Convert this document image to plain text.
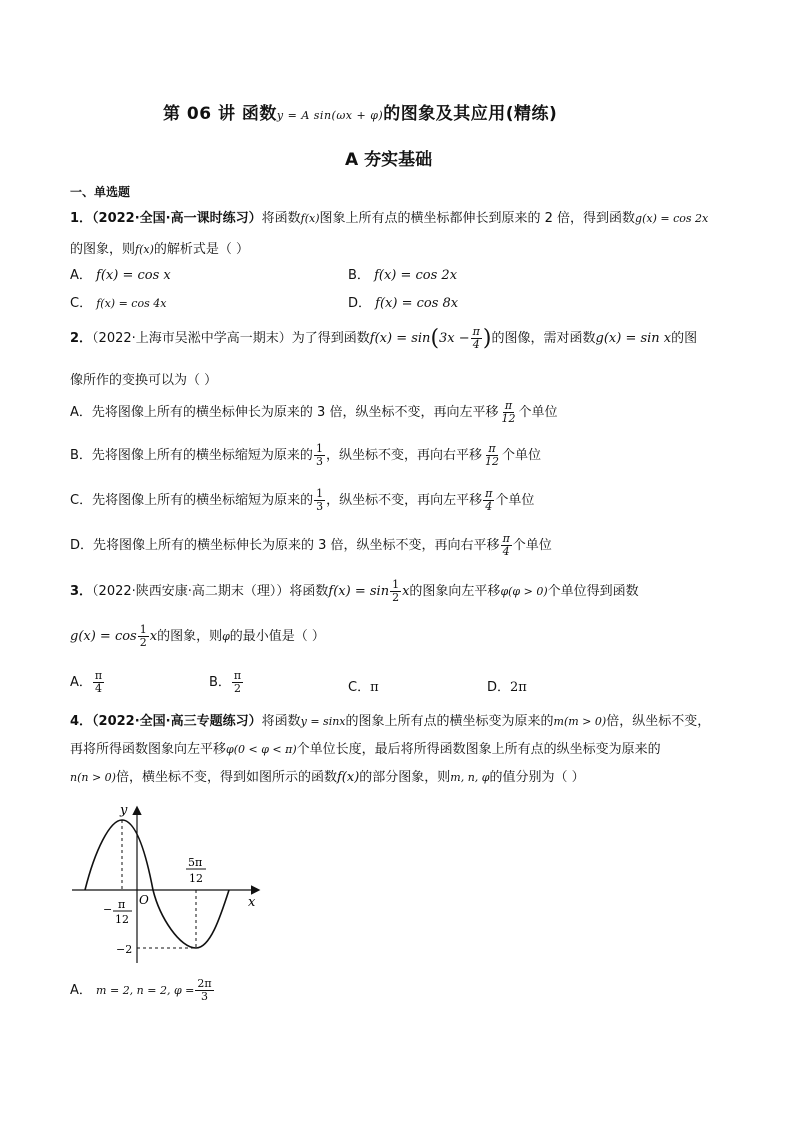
第 06 讲 函数y = A sin(ωx + φ)的图象及其应用(精练)
A 夯实基础
一、单选题
1．（2022·全国·高一课时练习）将函数f(x)图象上所有点的横坐标都伸长到原来的 2 倍，得到函数g(x) = cos 2x
的图象，则f(x)的解析式是（ ）
A． f(x) = cos x	B． f(x) = cos 2x
C． f(x) = cos 4x	D． f(x) = cos 8x
2．（2022·上海市吴淞中学高一期末）为了得到函数$f(x) = \sin(3x - \frac{\pi}{4}$ )的图像，需对函数g(x) = sin x的图
像所作的变换可以为（ ）
A．先将图像上所有的横坐标伸长为原来的 3 倍，纵坐标不变，再向左平移 $\frac{\pi}{12}$ 个单位
B．先将图像上所有的横坐标缩短为原来的 $\frac{1}{3}$ ，纵坐标不变，再向右平移 $\frac{\pi}{12}$ 个单位
C．先将图像上所有的横坐标缩短为原来的 $\frac{1}{3}$ ，纵坐标不变，再向左平移 $\frac{\pi}{4}$ 个单位
D．先将图像上所有的横坐标伸长为原来的 3 倍，纵坐标不变，再向右平移 $\frac{\pi}{4}$ 个单位
3．（2022·陕西安康·高二期末（理））将函数$f(x) = \sin \frac{1}{2}$ x的图象向左平移φ(φ > 0)个单位得到函数
$g(x) = \cos \frac{1}{2}$ x的图象，则φ的最小值是（ ）
A． $\frac{\pi}{4}$	B． $\frac{\pi}{2}$	C．π	D．2π
4．（2022·全国·高三专题练习）将函数y = sinx的图象上所有点的横坐标变为原来的m(m > 0)倍，纵坐标不变，
再将所得函数图象向左平移φ(0 < φ < π)个单位长度，最后将所得函数图象上所有点的纵坐标变为原来的
n(n > 0)倍，横坐标不变，得到如图所示的函数f(x)的部分图象，则m, n, φ的值分别为（ ）
y
x
O
− π
12
5π
12
−2
A． m = 2, n = 2, $\varphi = \frac{2\pi}{3}$
